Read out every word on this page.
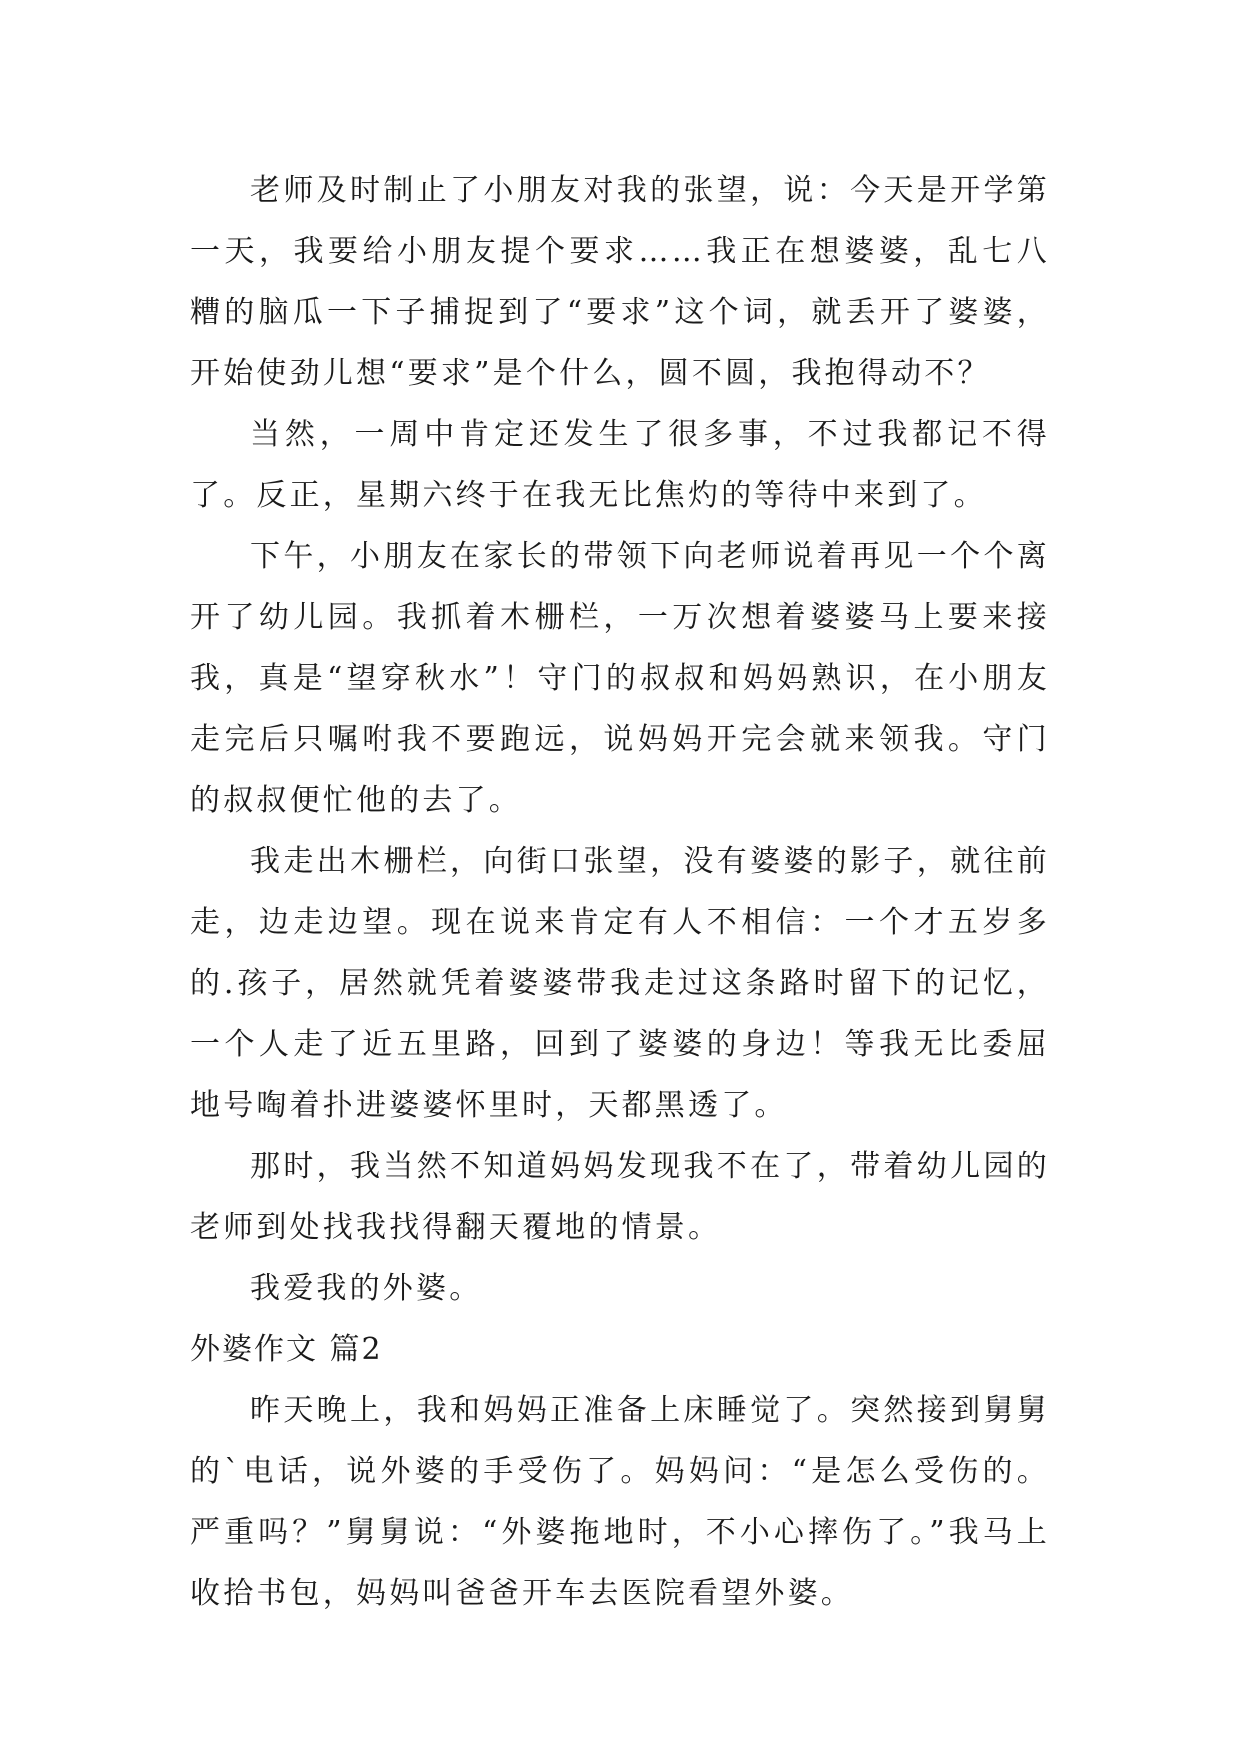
老师及时制止了小朋友对我的张望，说：今天是开学第一天，我要给小朋友提个要求……我正在想婆婆，乱七八糟的脑瓜一下子捕捉到了“要求”这个词，就丢开了婆婆，开始使劲儿想“要求”是个什么，圆不圆，我抱得动不？

当然，一周中肯定还发生了很多事，不过我都记不得了。反正，星期六终于在我无比焦灼的等待中来到了。

下午，小朋友在家长的带领下向老师说着再见一个个离开了幼儿园。我抓着木栅栏，一万次想着婆婆马上要来接我，真是“望穿秋水”！守门的叔叔和妈妈熟识，在小朋友走完后只嘱咐我不要跑远，说妈妈开完会就来领我。守门的叔叔便忙他的去了。

我走出木栅栏，向街口张望，没有婆婆的影子，就往前走，边走边望。现在说来肯定有人不相信：一个才五岁多的.孩子，居然就凭着婆婆带我走过这条路时留下的记忆，一个人走了近五里路，回到了婆婆的身边！等我无比委屈地号啕着扑进婆婆怀里时，天都黑透了。

那时，我当然不知道妈妈发现我不在了，带着幼儿园的老师到处找我找得翻天覆地的情景。

我爱我的外婆。

外婆作文 篇2

昨天晚上，我和妈妈正准备上床睡觉了。突然接到舅舅的`电话，说外婆的手受伤了。妈妈问：“是怎么受伤的。严重吗？”舅舅说：“外婆拖地时，不小心摔伤了。”我马上收拾书包，妈妈叫爸爸开车去医院看望外婆。
